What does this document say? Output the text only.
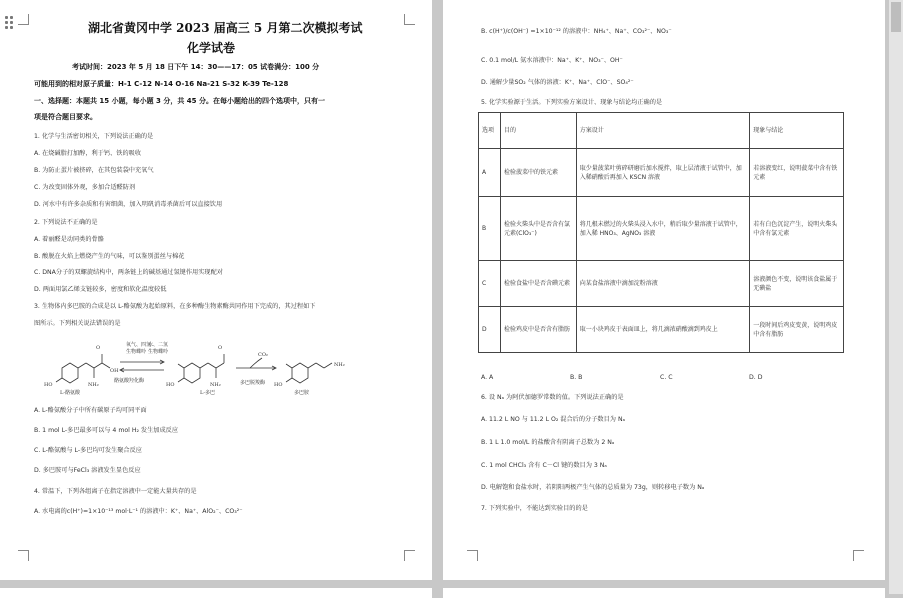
湖北省黄冈中学 2023 届高三 5 月第二次模拟考试
化学试卷
考试时间：2023 年 5 月 18 日下午 14：30——17：05 试卷满分：100 分
可能用到的相对原子质量：H-1 C-12 N-14 O-16 Na-21 S-32 K-39 Te-128
一、选择题：本题共 15 小题，每小题 3 分，共 45 分。在每小题给出的四个选项中，只有一
项是符合题目要求。
1. 化学与生活密切相关，下列说法正确的是
A. 在烧碱脂打加醇，利于钙、铁的吸收
B. 为防止蛋片被挤碎，在其包装袋中充氧气
C. 为改变固体外观，多加合适醛防剂
D. 河水中有许多杂质和有害细菌，加入明矾消毒杀菌后可以直接饮用
2. 下列说法不正确的是
A. 着丽醛是动同类的骨骼
B. 酸脱在火焰上燃烧产生的气味，可以鉴别蛋丝与棉花
C. DNA分子的双螺旋结构中，两条链上的碱基通过氢键作用实现配对
D. 两面用氯乙烯支链较多，密度和软化温度较低
3. 生物体内多巴胺的合成是以 L-酪氨酸为起始原料，在多种酶生物素酶共同作用下完成的，其过程如下
图所示。下列相关说法错误的是
O
OH
NH₂
HO
L-酪氨酸
氧气、四氢
生物蝶呤
酪氨酸羟化酶
水、二氢
生物蝶呤
O
NH₂
HO
L-多巴
CO₂
多巴脱羧酶 HO
NH₂
多巴胺
A. L-酪氨酸分子中所有碳原子均可同平面
B. 1 mol L-多巴最多可以与 4 mol H₂ 发生加成反应
C. L-酪氨酸与 L-多巴均可发生聚合反应
D. 多巴胺可与FeCl₃ 溶液发生显色反应
4. 常温下，下列各组离子在指定溶液中一定能大量共存的是
A. 水电离的c(H⁺)=1×10⁻¹³ mol·L⁻¹ 的溶液中：K⁺、Na⁺、AlO₂⁻、CO₃²⁻
B. c(H⁺)/c(OH⁻) =1×10⁻¹² 的溶液中：NH₄⁺、Na⁺、CO₃²⁻、NO₃⁻
C. 0.1 mol/L 氨水溶液中：Na⁺、K⁺、NO₃⁻、OH⁻
D. 通解少量SO₂ 气体的溶液：K⁺、Na⁺、ClO⁻、SO₄²⁻
5. 化学实验源于生活。下列实验方案设计、现象与结论均正确的是
选项	目的	方案设计	现象与结论
A	检验菠菜中的铁元素	取少量菠菜叶剪碎研磨后加水搅拌，取上层清液于试管中，加入稀硝酸后再加入 KSCN 溶液	若溶液变红，说明菠菜中含有铁元素
B	检验火柴头中是否含有氯元素(ClO₃⁻)	将几根未燃过的火柴头浸入水中，稍后取少量溶液于试管中，加入稀 HNO₃、AgNO₃ 溶液	若有白色沉淀产生，说明火柴头中含有氯元素
C	检验食盐中是否含碘元素	向某食盐溶液中滴加淀粉溶液	溶液颜色不变，说明该食盐属于无碘盐
D	检验鸡皮中是否含有脂肪	取一小块鸡皮于表面皿上，将几滴浓硝酸滴到鸡皮上	一段时间后鸡皮变黄，说明鸡皮中含有脂肪
A. A	B. B	C. C	D. D
6. 设 Nₐ 为阿伏加德罗常数的值。下列说法正确的是
A. 11.2 L NO 与 11.2 L O₂ 混合后的分子数目为 Nₐ
B. 1 L 1.0 mol/L 的盐酸含有阴离子总数为 2 Nₐ
C. 1 mol CHCl₃ 含有 C－Cl 键的数目为 3 Nₐ
D. 电解饱和食盐水时，若阴阳两极产生气体的总质量为 73g，则转移电子数为 Nₐ
7. 下列实验中，不能达到实验目的的是
